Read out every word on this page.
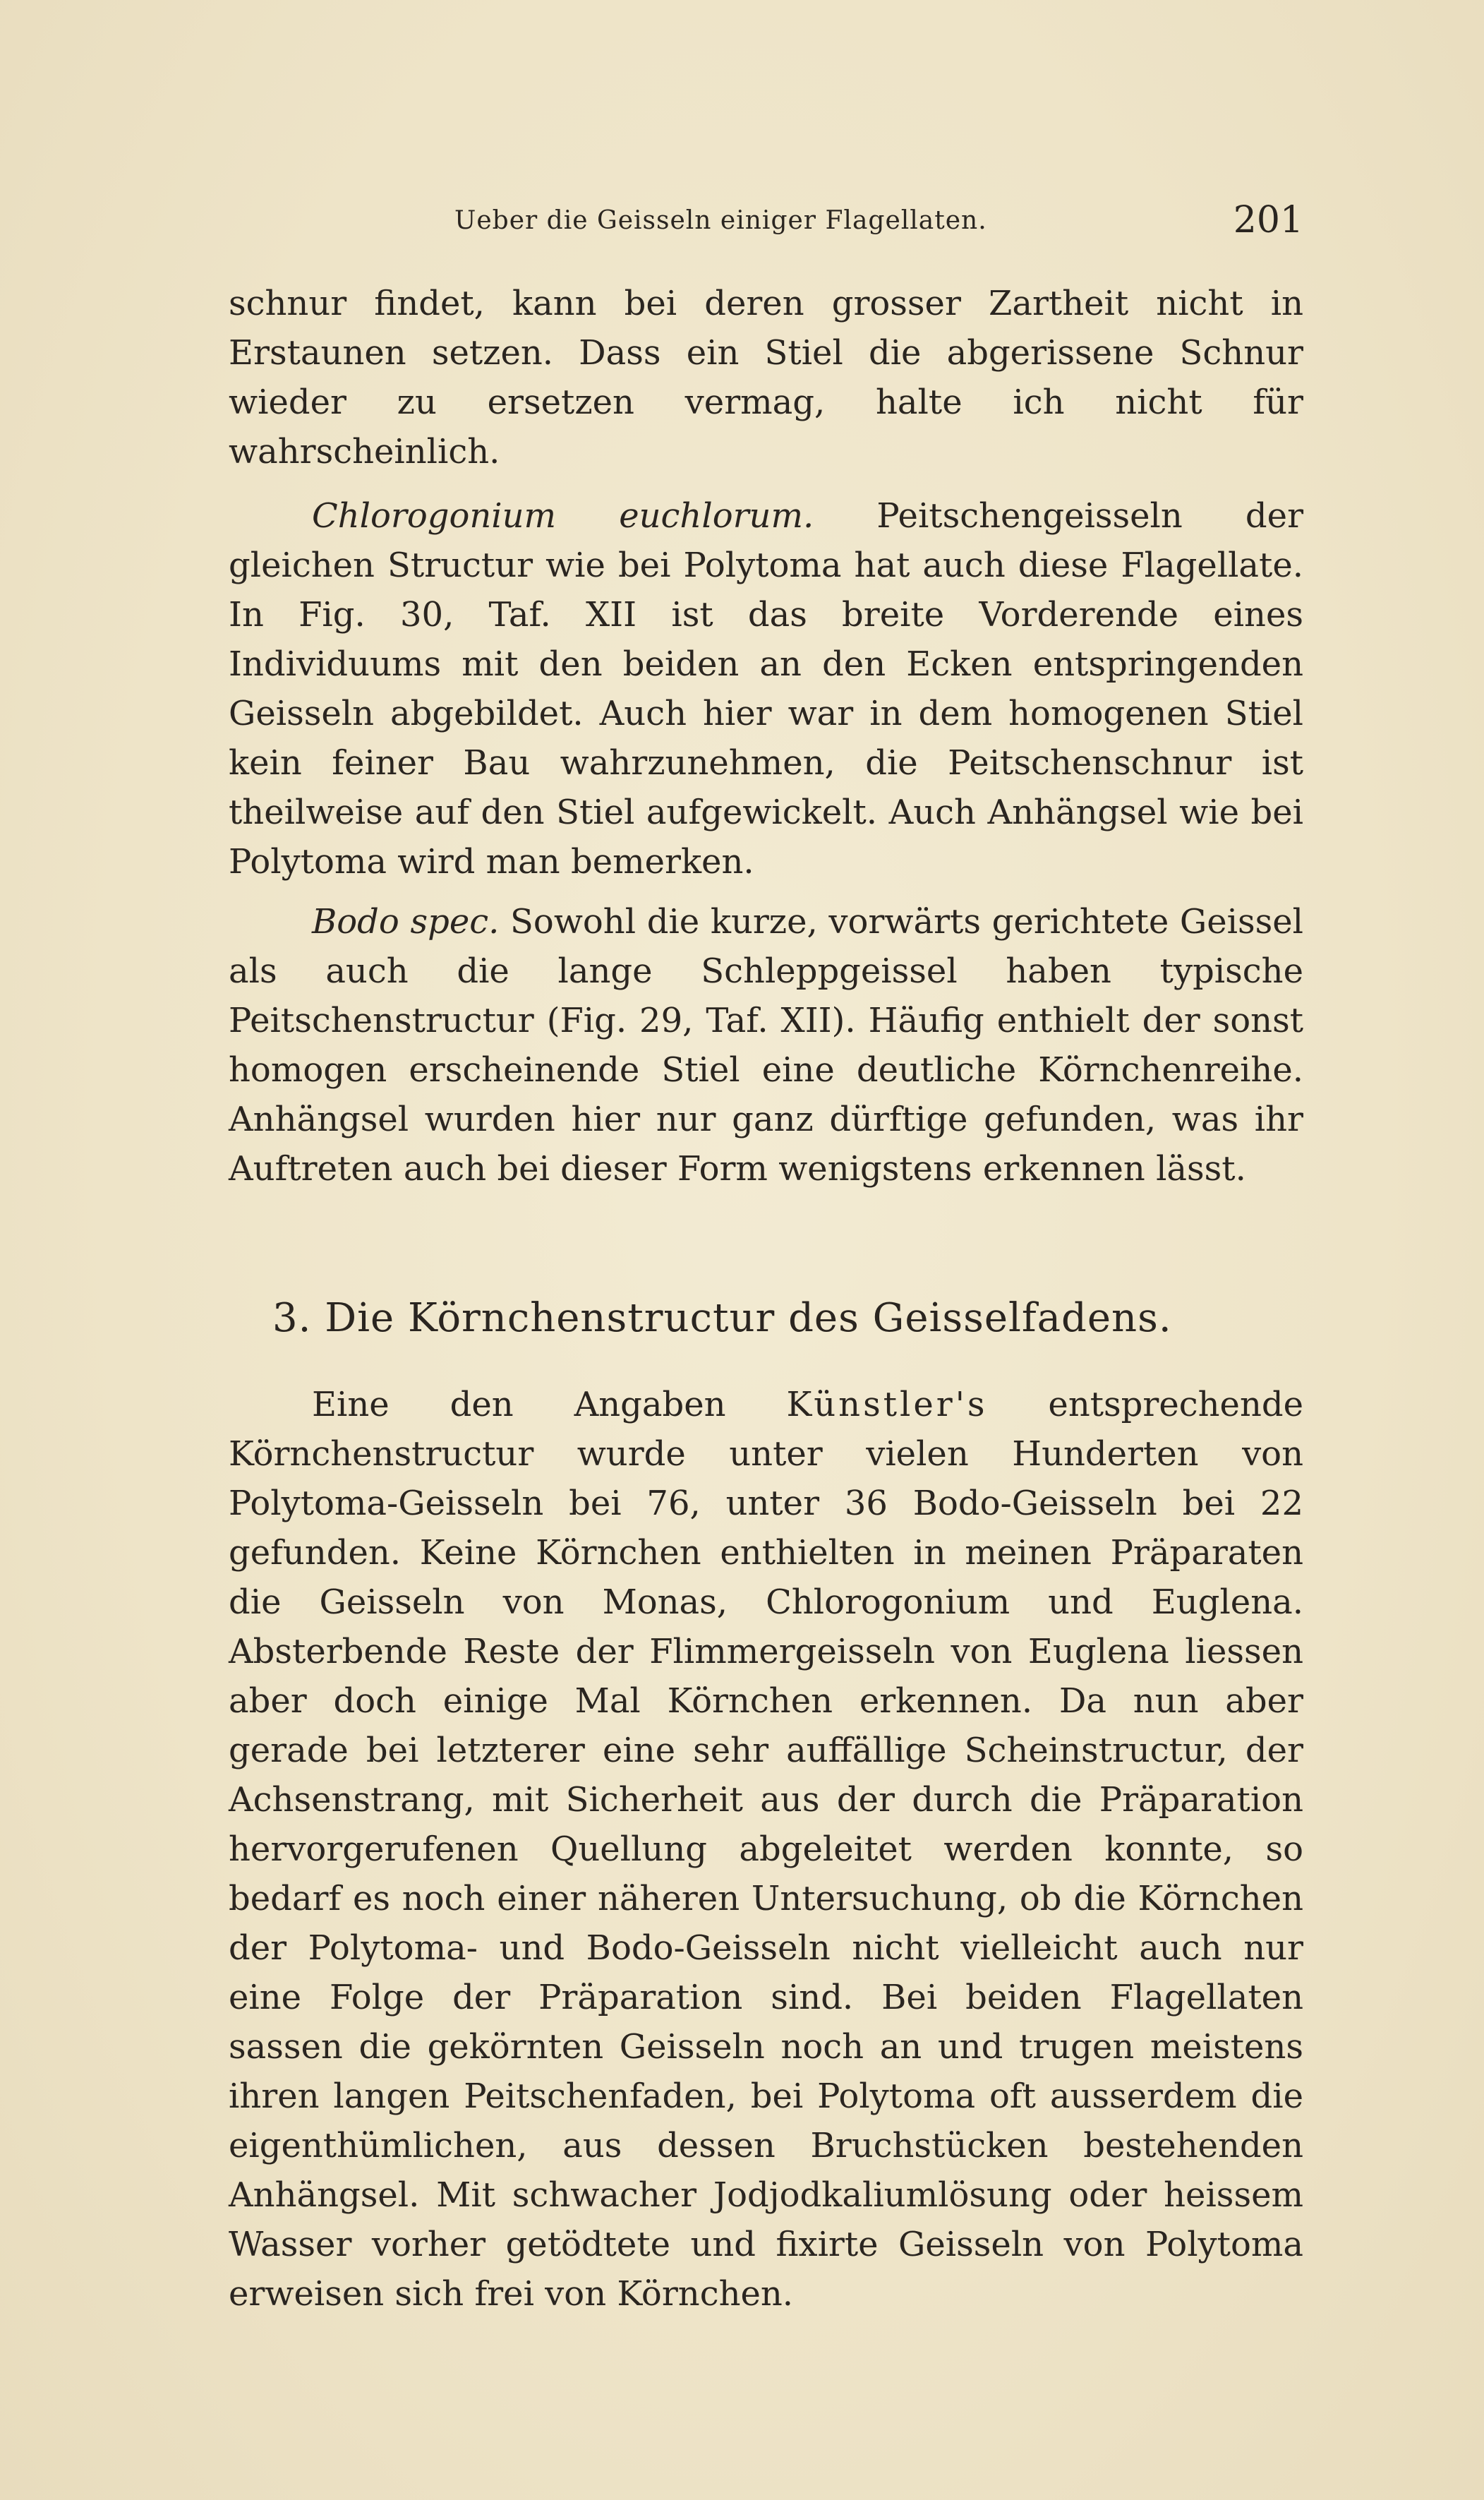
Ueber die Geisseln einiger Flagellaten.	201

schnur findet, kann bei deren grosser Zartheit nicht in Erstaunen setzen. Dass ein Stiel die abgerissene Schnur wieder zu ersetzen vermag, halte ich nicht für wahrscheinlich.

Chlorogonium euchlorum. Peitschengeisseln der gleichen Structur wie bei Polytoma hat auch diese Flagellate. In Fig. 30, Taf. XII ist das breite Vorderende eines Individuums mit den beiden an den Ecken entspringenden Geisseln abgebildet. Auch hier war in dem homogenen Stiel kein feiner Bau wahrzunehmen, die Peitschenschnur ist theilweise auf den Stiel aufgewickelt. Auch Anhängsel wie bei Polytoma wird man bemerken.

Bodo spec. Sowohl die kurze, vorwärts gerichtete Geissel als auch die lange Schleppgeissel haben typische Peitschenstructur (Fig. 29, Taf. XII). Häufig enthielt der sonst homogen erscheinende Stiel eine deutliche Körnchenreihe. Anhängsel wurden hier nur ganz dürftige gefunden, was ihr Auftreten auch bei dieser Form wenigstens erkennen lässt.

3. Die Körnchenstructur des Geisselfadens.

Eine den Angaben Künstler's entsprechende Körnchenstructur wurde unter vielen Hunderten von Polytoma-Geisseln bei 76, unter 36 Bodo-Geisseln bei 22 gefunden. Keine Körnchen enthielten in meinen Präparaten die Geisseln von Monas, Chlorogonium und Euglena. Absterbende Reste der Flimmergeisseln von Euglena liessen aber doch einige Mal Körnchen erkennen. Da nun aber gerade bei letzterer eine sehr auffällige Scheinstructur, der Achsenstrang, mit Sicherheit aus der durch die Präparation hervorgerufenen Quellung abgeleitet werden konnte, so bedarf es noch einer näheren Untersuchung, ob die Körnchen der Polytoma- und Bodo-Geisseln nicht vielleicht auch nur eine Folge der Präparation sind. Bei beiden Flagellaten sassen die gekörnten Geisseln noch an und trugen meistens ihren langen Peitschenfaden, bei Polytoma oft ausserdem die eigenthümlichen, aus dessen Bruchstücken bestehenden Anhängsel. Mit schwacher Jodjodkaliumlösung oder heissem Wasser vorher getödtete und fixirte Geisseln von Polytoma erweisen sich frei von Körnchen.
